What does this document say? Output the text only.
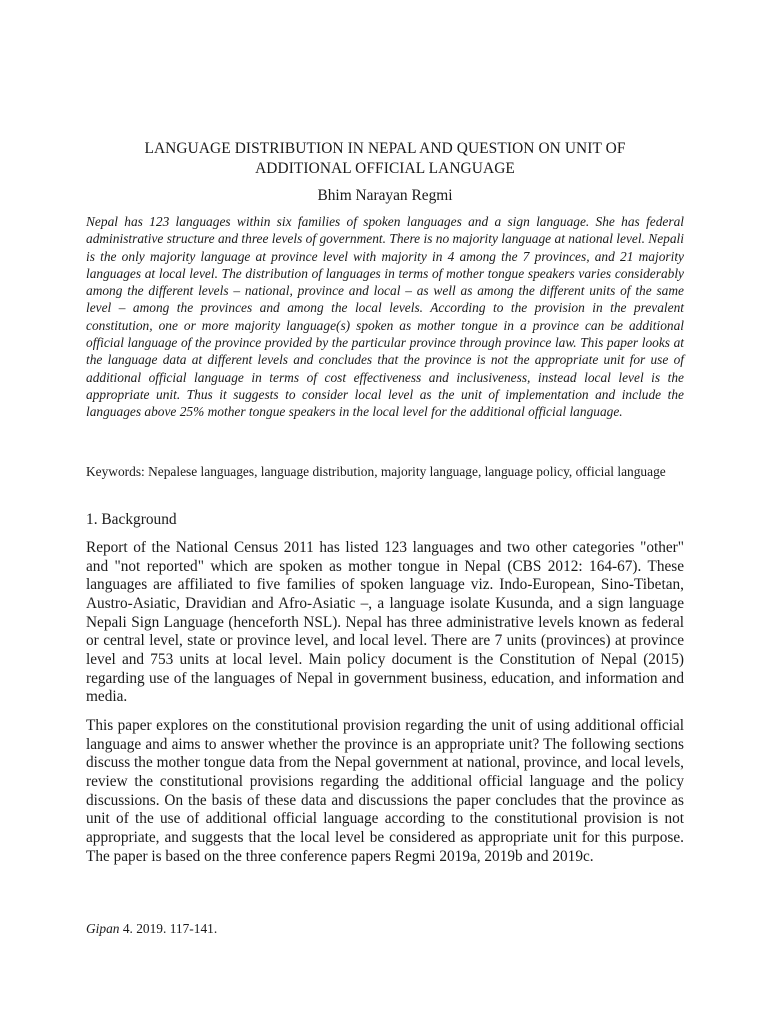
LANGUAGE DISTRIBUTION IN NEPAL AND QUESTION ON UNIT OF
ADDITIONAL OFFICIAL LANGUAGE

Bhim Narayan Regmi

Nepal has 123 languages within six families of spoken languages and a sign language. She has federal administrative structure and three levels of government. There is no majority language at national level. Nepali is the only majority language at province level with majority in 4 among the 7 provinces, and 21 majority languages at local level. The distribution of languages in terms of mother tongue speakers varies considerably among the different levels – national, province and local – as well as among the different units of the same level – among the provinces and among the local levels. According to the provision in the prevalent constitution, one or more majority language(s) spoken as mother tongue in a province can be additional official language of the province provided by the particular province through province law. This paper looks at the language data at different levels and concludes that the province is not the appropriate unit for use of additional official language in terms of cost effectiveness and inclusiveness, instead local level is the appropriate unit. Thus it suggests to consider local level as the unit of implementation and include the languages above 25% mother tongue speakers in the local level for the additional official language.

Keywords: Nepalese languages, language distribution, majority language, language policy, official language

1. Background

Report of the National Census 2011 has listed 123 languages and two other categories "other" and "not reported" which are spoken as mother tongue in Nepal (CBS 2012: 164-67). These languages are affiliated to five families of spoken language viz. Indo-European, Sino-Tibetan, Austro-Asiatic, Dravidian and Afro-Asiatic –, a language isolate Kusunda, and a sign language Nepali Sign Language (henceforth NSL). Nepal has three administrative levels known as federal or central level, state or province level, and local level. There are 7 units (provinces) at province level and 753 units at local level. Main policy document is the Constitution of Nepal (2015) regarding use of the languages of Nepal in government business, education, and information and media.

This paper explores on the constitutional provision regarding the unit of using additional official language and aims to answer whether the province is an appropriate unit? The following sections discuss the mother tongue data from the Nepal government at national, province, and local levels, review the constitutional provisions regarding the additional official language and the policy discussions. On the basis of these data and discussions the paper concludes that the province as unit of the use of additional official language according to the constitutional provision is not appropriate, and suggests that the local level be considered as appropriate unit for this purpose. The paper is based on the three conference papers Regmi 2019a, 2019b and 2019c.

Gipan 4. 2019. 117-141.
